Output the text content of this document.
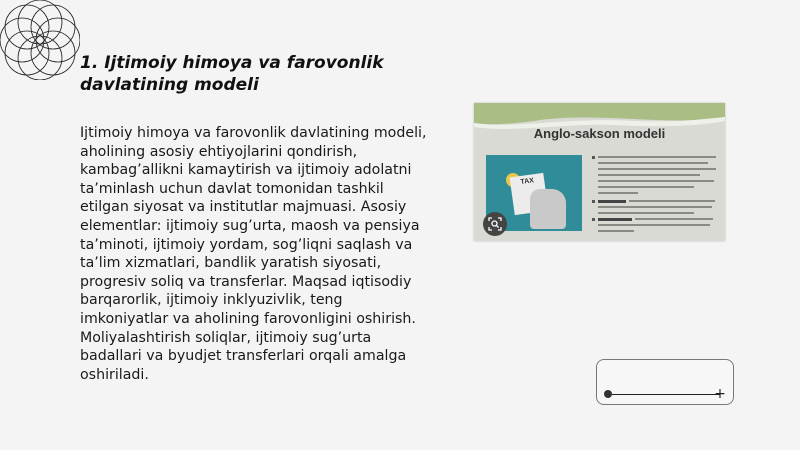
1. Ijtimoiy himoya va farovonlik davlatining modeli

Ijtimoiy himoya va farovonlik davlatining modeli, aholining asosiy ehtiyojlarini qondirish, kambag’allikni kamaytirish va ijtimoiy adolatni ta’minlash uchun davlat tomonidan tashkil etilgan siyosat va institutlar majmuasi. Asosiy elementlar: ijtimoiy sug’urta, maosh va pensiya ta’minoti, ijtimoiy yordam, sog’liqni saqlash va ta’lim xizmatlari, bandlik yaratish siyosati, progresiv soliq va transferlar. Maqsad iqtisodiy barqarorlik, ijtimoiy inklyuzivlik, teng imkoniyatlar va aholining farovonligini oshirish. Moliyalashtirish soliqlar, ijtimoiy sug’urta badallari va byudjet transferlari orqali amalga oshiriladi.

Anglo-sakson modeli
TAX
+
